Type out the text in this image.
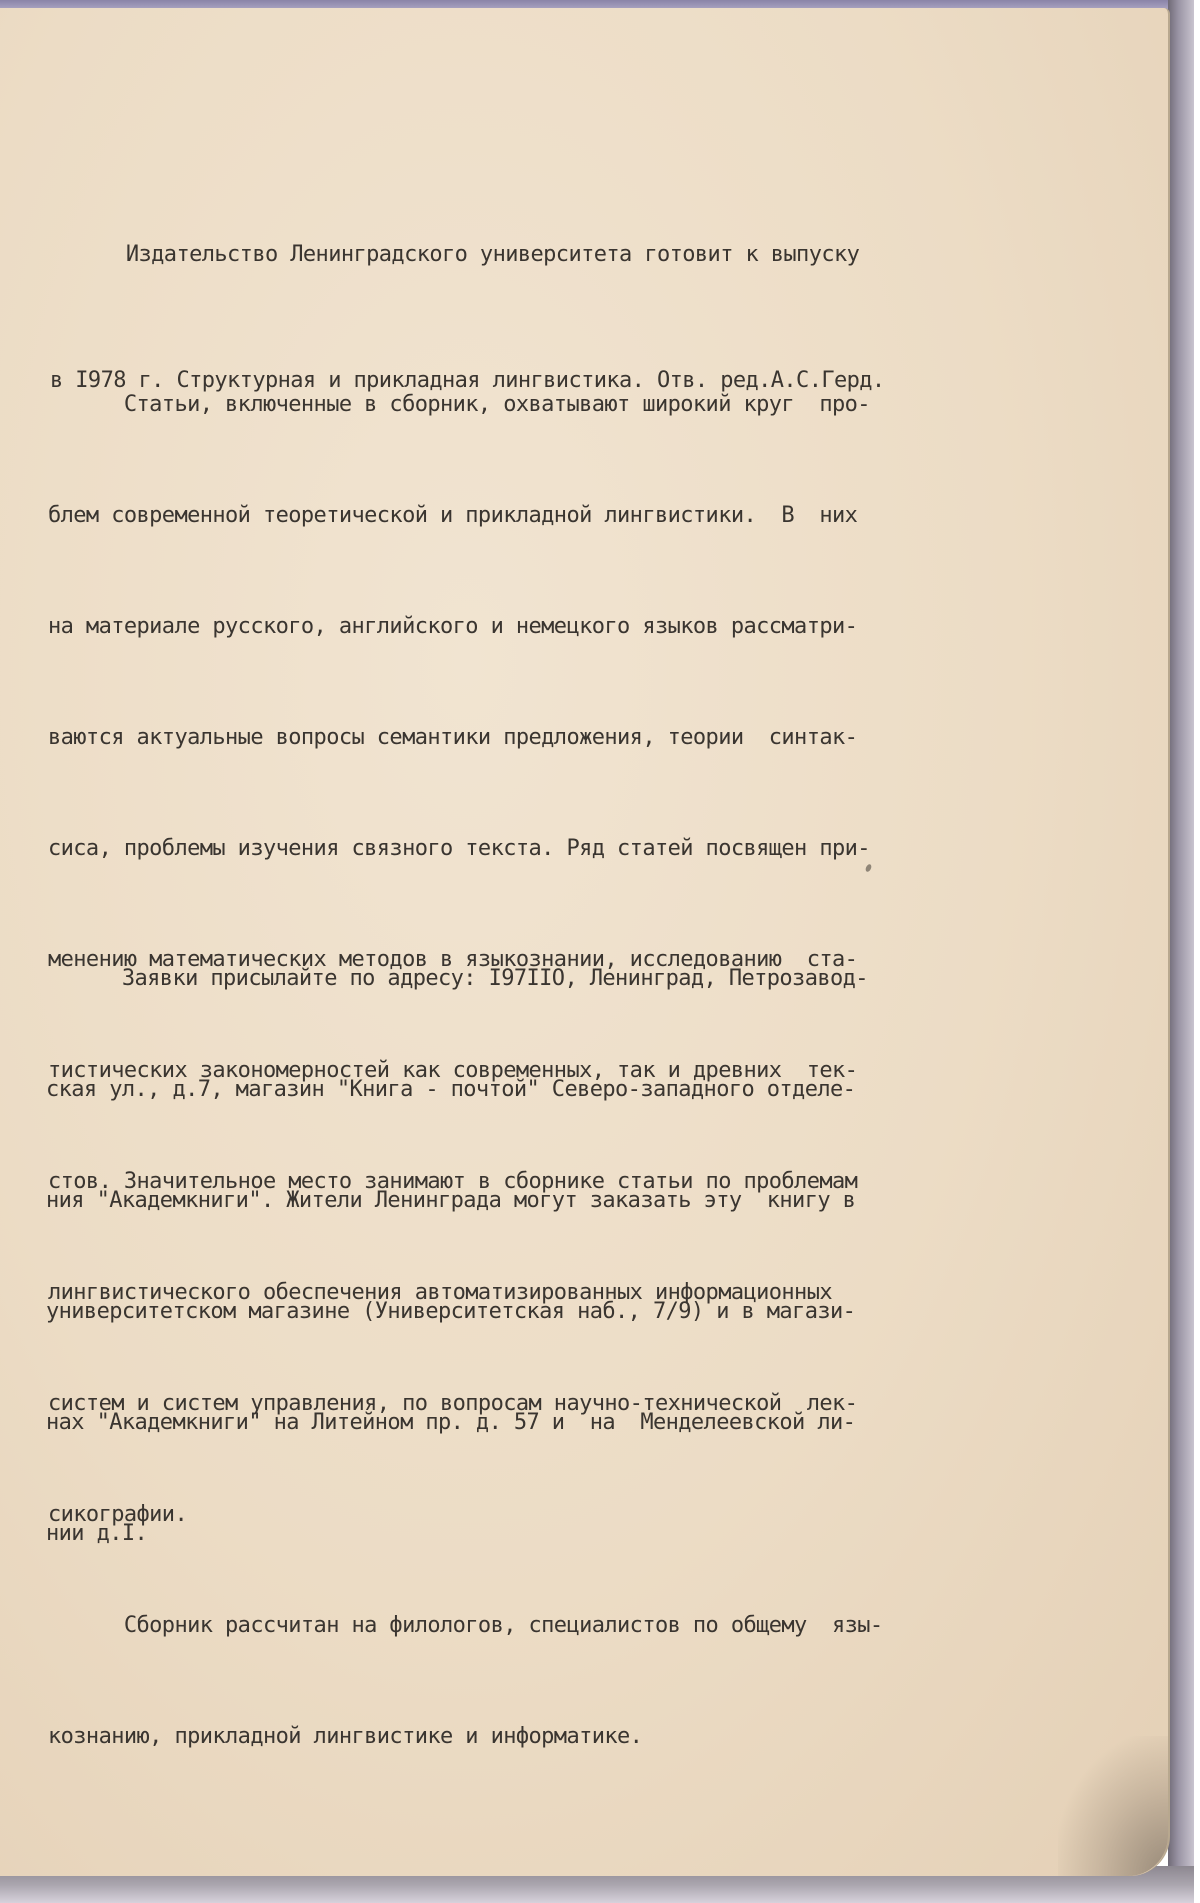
Издательство Ленинградского университета готовит к выпуску

в I978 г. Структурная и прикладная лингвистика. Отв. ред.А.С.Герд.

Статьи, включенные в сборник, охватывают широкий круг  про-

блем современной теоретической и прикладной лингвистики.  В  них

на материале русского, английского и немецкого языков рассматри-

ваются актуальные вопросы семантики предложения, теории  синтак-

сиса, проблемы изучения связного текста. Ряд статей посвящен при-

менению математических методов в языкознании, исследованию  ста-

тистических закономерностей как современных, так и древних  тек-

стов. Значительное место занимают в сборнике статьи по проблемам

лингвистического обеспечения автоматизированных информационных

систем и систем управления, по вопросам научно-технической  лек-

сикографии.

Сборник рассчитан на филологов, специалистов по общему  язы-

кознанию, прикладной лингвистике и информатике.

Заявки присылайте по адресу: I97IIO, Ленинград, Петрозавод-

ская ул., д.7, магазин "Книга - почтой" Северо-западного отделе-

ния "Академкниги". Жители Ленинграда могут заказать эту  книгу в

университетском магазине (Университетская наб., 7/9) и в магази-

нах "Академкниги" на Литейном пр. д. 57 и  на  Менделеевской ли-

нии д.I.
